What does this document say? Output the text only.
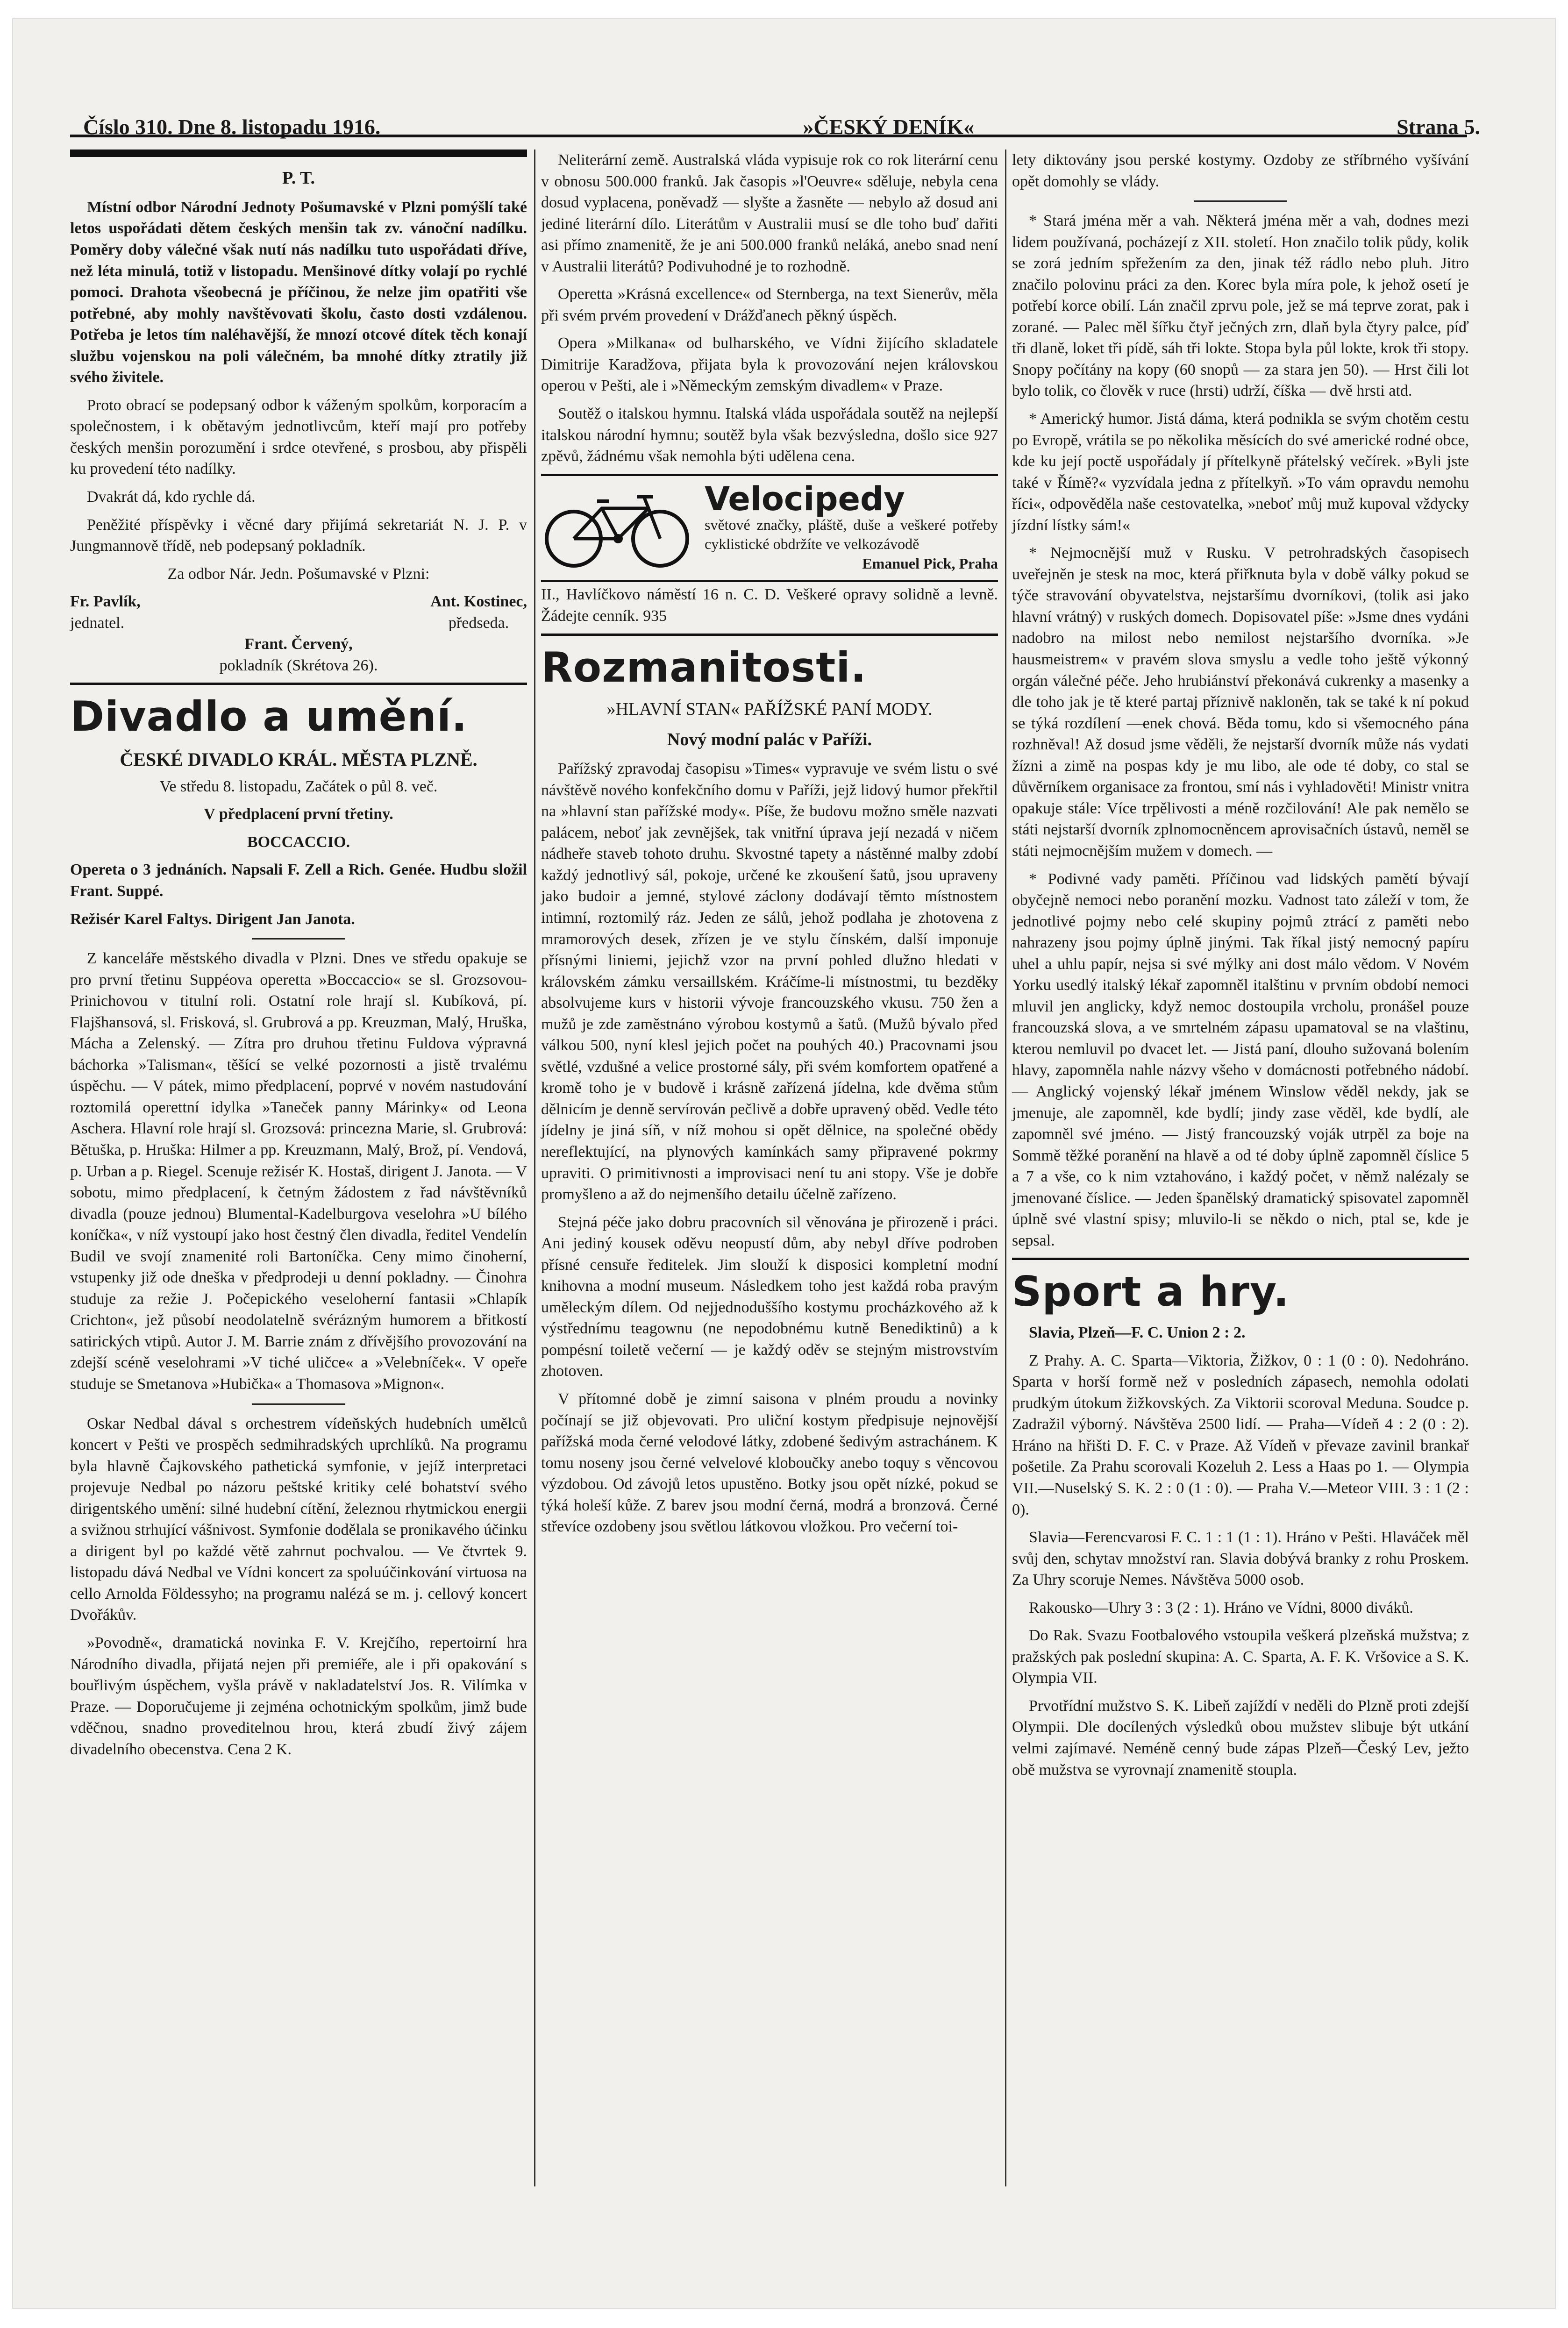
Číslo 310. Dne 8. listopadu 1916.	»ČESKÝ DENÍK«	Strana 5.

P. T.

Místní odbor Národní Jednoty Pošumavské v Plzni pomýšlí také letos uspořádati dětem českých menšin tak zv. vánoční nadílku. Poměry doby válečné však nutí nás nadílku tuto uspořádati dříve, než léta minulá, totiž v listopadu. Menšinové dítky volají po rychlé pomoci. Drahota všeobecná je příčinou, že nelze jim opatřiti vše potřebné, aby mohly navštěvovati školu, často dosti vzdálenou. Potřeba je letos tím naléhavější, že mnozí otcové dítek těch konají službu vojenskou na poli válečném, ba mnohé dítky ztratily již svého živitele.

Proto obrací se podepsaný odbor k váženým spolkům, korporacím a společnostem, i k obětavým jednotlivcům, kteří mají pro potřeby českých menšin porozumění i srdce otevřené, s prosbou, aby přispěli ku provedení této nadílky.

Dvakrát dá, kdo rychle dá.

Peněžité příspěvky i věcné dary přijímá sekretariát N. J. P. v Jungmannově třídě, neb podepsaný pokladník.

Za odbor Nár. Jedn. Pošumavské v Plzni:

Fr. Pavlík,
jednatel.
Ant. Kostinec,
předseda.
Frant. Červený,
pokladník (Skrétova 26).
Divadlo a umění.

ČESKÉ DIVADLO KRÁL. MĚSTA PLZNĚ.

Ve středu 8. listopadu, Začátek o půl 8. več.

V předplacení první třetiny.

BOCCACCIO.

Opereta o 3 jednáních. Napsali F. Zell a Rich. Genée. Hudbu složil Frant. Suppé.

Režisér Karel Faltys. Dirigent Jan Janota.

Z kanceláře městského divadla v Plzni. Dnes ve středu opakuje se pro první třetinu Suppéova operetta »Boccaccio« se sl. Grozsovou-Prinichovou v titulní roli. Ostatní role hrají sl. Kubíková, pí. Flajšhansová, sl. Frisková, sl. Grubrová a pp. Kreuzman, Malý, Hruška, Mácha a Zelenský. — Zítra pro druhou třetinu Fuldova výpravná báchorka »Talisman«, těšící se velké pozornosti a jistě trvalému úspěchu. — V pátek, mimo předplacení, poprvé v novém nastudování roztomilá operettní idylka »Taneček panny Márinky« od Leona Aschera. Hlavní role hrají sl. Grozsová: princezna Marie, sl. Grubrová: Bětuška, p. Hruška: Hilmer a pp. Kreuzmann, Malý, Brož, pí. Vendová, p. Urban a p. Riegel. Scenuje režisér K. Hostaš, dirigent J. Janota. — V sobotu, mimo předplacení, k četným žádostem z řad návštěvníků divadla (pouze jednou) Blumental-Kadelburgova veselohra »U bílého koníčka«, v níž vystoupí jako host čestný člen divadla, ředitel Vendelín Budil ve svojí znamenité roli Bartoníčka. Ceny mimo činoherní, vstupenky již ode dneška v předprodeji u denní pokladny. — Činohra studuje za režie J. Počepického veseloherní fantasii »Chlapík Crichton«, jež působí neodolatelně svérázným humorem a břitkostí satirických vtipů. Autor J. M. Barrie znám z dřívějšího provozování na zdejší scéně veselohrami »V tiché uličce« a »Velebníček«. V opeře studuje se Smetanova »Hubička« a Thomasova »Mignon«.

Oskar Nedbal dával s orchestrem vídeňských hudebních umělců koncert v Pešti ve prospěch sedmihradských uprchlíků. Na programu byla hlavně Čajkovského pathetická symfonie, v jejíž interpretaci projevuje Nedbal po názoru peštské kritiky celé bohatství svého dirigentského umění: silné hudební cítění, železnou rhytmickou energii a svižnou strhující vášnivost. Symfonie dodělala se pronikavého účinku a dirigent byl po každé větě zahrnut pochvalou. — Ve čtvrtek 9. listopadu dává Nedbal ve Vídni koncert za spoluúčinkování virtuosa na cello Arnolda Földessyho; na programu nalézá se m. j. cellový koncert Dvořákův.

»Povodně«, dramatická novinka F. V. Krejčího, repertoirní hra Národního divadla, přijatá nejen při premiéře, ale i při opakování s bouřlivým úspěchem, vyšla právě v nakladatelství Jos. R. Vilímka v Praze. — Doporučujeme ji zejména ochotnickým spolkům, jimž bude vděčnou, snadno proveditelnou hrou, která zbudí živý zájem divadelního obecenstva. Cena 2 K.

Neliterární země. Australská vláda vypisuje rok co rok literární cenu v obnosu 500.000 franků. Jak časopis »l'Oeuvre« sděluje, nebyla cena dosud vyplacena, poněvadž — slyšte a žasněte — nebylo až dosud ani jediné literární dílo. Literátům v Australii musí se dle toho buď dařiti asi přímo znamenitě, že je ani 500.000 franků neláká, anebo snad není v Australii literátů? Podivuhodné je to rozhodně.

Operetta »Krásná excellence« od Sternberga, na text Sienerův, měla při svém prvém provedení v Drážďanech pěkný úspěch.

Opera »Milkana« od bulharského, ve Vídni žijícího skladatele Dimitrije Karadžova, přijata byla k provozování nejen královskou operou v Pešti, ale i »Německým zemským divadlem« v Praze.

Soutěž o italskou hymnu. Italská vláda uspořádala soutěž na nejlepší italskou národní hymnu; soutěž byla však bezvýsledna, došlo sice 927 zpěvů, žádnému však nemohla býti udělena cena.

Velocipedy
světové značky, pláště, duše a veškeré potřeby cyklistické obdržíte ve velkozávodě
Emanuel Pick, Praha

II., Havlíčkovo náměstí 16 n. C. D. Veškeré opravy solidně a levně. Žádejte cenník. 935

Rozmanitosti.

»HLAVNÍ STAN« PAŘÍŽSKÉ PANÍ MODY.

Nový modní palác v Paříži.

Pařížský zpravodaj časopisu »Times« vypravuje ve svém listu o své návštěvě nového konfekčního domu v Paříži, jejž lidový humor překřtil na »hlavní stan pařížské mody«. Píše, že budovu možno směle nazvati palácem, neboť jak zevnějšek, tak vnitřní úprava její nezadá v ničem nádheře staveb tohoto druhu. Skvostné tapety a nástěnné malby zdobí každý jednotlivý sál, pokoje, určené ke zkoušení šatů, jsou upraveny jako budoir a jemné, stylové záclony dodávají těmto místnostem intimní, roztomilý ráz. Jeden ze sálů, jehož podlaha je zhotovena z mramorových desek, zřízen je ve stylu čínském, další imponuje přísnými liniemi, jejichž vzor na první pohled dlužno hledati v královském zámku versaillském. Kráčíme-li místnostmi, tu bezděky absolvujeme kurs v historii vývoje francouzského vkusu. 750 žen a mužů je zde zaměstnáno výrobou kostymů a šatů. (Mužů bývalo před válkou 500, nyní klesl jejich počet na pouhých 40.) Pracovnami jsou světlé, vzdušné a velice prostorné sály, při svém komfortem opatřené a kromě toho je v budově i krásně zařízená jídelna, kde dvěma stům dělnicím je denně servírován pečlivě a dobře upravený oběd. Vedle této jídelny je jiná síň, v níž mohou si opět dělnice, na společné obědy nereflektující, na plynových kamínkách samy připravené pokrmy upraviti. O primitivnosti a improvisaci není tu ani stopy. Vše je dobře promyšleno a až do nejmenšího detailu účelně zařízeno.

Stejná péče jako dobru pracovních sil věnována je přirozeně i práci. Ani jediný kousek oděvu neopustí dům, aby nebyl dříve podroben přísné censuře ředitelek. Jim slouží k disposici kompletní modní knihovna a modní museum. Následkem toho jest každá roba pravým uměleckým dílem. Od nejjednoduššího kostymu procházkového až k výstřednímu teagownu (ne nepodobnému kutně Benediktinů) a k pompésní toiletě večerní — je každý oděv se stejným mistrovstvím zhotoven.

V přítomné době je zimní saisona v plném proudu a novinky počínají se již objevovati. Pro uliční kostym předpisuje nejnovější pařížská moda černé velodové látky, zdobené šedivým astrachánem. K tomu noseny jsou černé velvelové kloboučky anebo toquy s věncovou výzdobou. Od závojů letos upustěno. Botky jsou opět nízké, pokud se týká holeší kůže. Z barev jsou modní černá, modrá a bronzová. Černé střevíce ozdobeny jsou světlou látkovou vložkou. Pro večerní toi-

lety diktovány jsou perské kostymy. Ozdoby ze stříbrného vyšívání opět domohly se vlády.

* Stará jména měr a vah. Některá jména měr a vah, dodnes mezi lidem používaná, pocházejí z XII. století. Hon značilo tolik půdy, kolik se zorá jedním spřežením za den, jinak též rádlo nebo pluh. Jitro značilo polovinu práci za den. Korec byla míra pole, k jehož osetí je potřebí korce obilí. Lán značil zprvu pole, jež se má teprve zorat, pak i zorané. — Palec měl šířku čtyř ječných zrn, dlaň byla čtyry palce, píď tři dlaně, loket tři pídě, sáh tři lokte. Stopa byla půl lokte, krok tři stopy. Snopy počítány na kopy (60 snopů — za stara jen 50). — Hrst čili lot bylo tolik, co člověk v ruce (hrsti) udrží, číška — dvě hrsti atd.

* Americký humor. Jistá dáma, která podnikla se svým chotěm cestu po Evropě, vrátila se po několika měsících do své americké rodné obce, kde ku její poctě uspořádaly jí přítelkyně přátelský večírek. »Byli jste také v Římě?« vyzvídala jedna z přítelkyň. »To vám opravdu nemohu říci«, odpověděla naše cestovatelka, »neboť můj muž kupoval vždycky jízdní lístky sám!«

* Nejmocnější muž v Rusku. V petrohradských časopisech uveřejněn je stesk na moc, která přiřknuta byla v době války pokud se týče stravování obyvatelstva, nejstaršímu dvorníkovi, (tolik asi jako hlavní vrátný) v ruských domech. Dopisovatel píše: »Jsme dnes vydáni nadobro na milost nebo nemilost nejstaršího dvorníka. »Je hausmeistrem« v pravém slova smyslu a vedle toho ještě výkonný orgán válečné péče. Jeho hrubiánství překonává cukrenky a masenky a dle toho jak je tě které partaj příznivě nakloněn, tak se také k ní pokud se týká rozdílení —enek chová. Běda tomu, kdo si všemocného pána rozhněval! Až dosud jsme věděli, že nejstarší dvorník může nás vydati žízni a zimě na pospas kdy je mu libo, ale ode té doby, co stal se důvěrníkem organisace za frontou, smí nás i vyhladověti! Ministr vnitra opakuje stále: Více trpělivosti a méně rozčilování! Ale pak nemělo se státi nejstarší dvorník zplnomocněncem aprovisačních ústavů, neměl se státi nejmocnějším mužem v domech. —

* Podivné vady paměti. Příčinou vad lidských pamětí bývají obyčejně nemoci nebo poranění mozku. Vadnost tato záleží v tom, že jednotlivé pojmy nebo celé skupiny pojmů ztrácí z paměti nebo nahrazeny jsou pojmy úplně jinými. Tak říkal jistý nemocný papíru uhel a uhlu papír, nejsa si své mýlky ani dost málo vědom. V Novém Yorku usedlý italský lékař zapomněl italštinu v prvním období nemoci mluvil jen anglicky, když nemoc dostoupila vrcholu, pronášel pouze francouzská slova, a ve smrtelném zápasu upamatoval se na vlaštinu, kterou nemluvil po dvacet let. — Jistá paní, dlouho sužovaná bolením hlavy, zapomněla nahle názvy všeho v domácnosti potřebného nádobí. — Anglický vojenský lékař jménem Winslow věděl nekdy, jak se jmenuje, ale zapomněl, kde bydlí; jindy zase věděl, kde bydlí, ale zapomněl své jméno. — Jistý francouzský voják utrpěl za boje na Sommě těžké poranění na hlavě a od té doby úplně zapomněl číslice 5 a 7 a vše, co k nim vztahováno, i každý počet, v němž nalézaly se jmenované číslice. — Jeden španělský dramatický spisovatel zapomněl úplně své vlastní spisy; mluvilo-li se někdo o nich, ptal se, kde je sepsal.

Sport a hry.

Slavia, Plzeň—F. C. Union 2 : 2.

Z Prahy. A. C. Sparta—Viktoria, Žižkov, 0 : 1 (0 : 0). Nedohráno. Sparta v horší formě než v posledních zápasech, nemohla odolati prudkým útokum žižkovských. Za Viktorii scoroval Meduna. Soudce p. Zadražil výborný. Návštěva 2500 lidí. — Praha—Vídeň 4 : 2 (0 : 2). Hráno na hřišti D. F. C. v Praze. Až Vídeň v převaze zavinil brankař pošetile. Za Prahu scorovali Kozeluh 2. Less a Haas po 1. — Olympia VII.—Nuselský S. K. 2 : 0 (1 : 0). — Praha V.—Meteor VIII. 3 : 1 (2 : 0).

Slavia—Ferencvarosi F. C. 1 : 1 (1 : 1). Hráno v Pešti. Hlaváček měl svůj den, schytav množství ran. Slavia dobývá branky z rohu Proskem. Za Uhry scoruje Nemes. Návštěva 5000 osob.

Rakousko—Uhry 3 : 3 (2 : 1). Hráno ve Vídni, 8000 diváků.

Do Rak. Svazu Footbalového vstoupila veškerá plzeňská mužstva; z pražských pak poslední skupina: A. C. Sparta, A. F. K. Vršovice a S. K. Olympia VII.

Prvotřídní mužstvo S. K. Libeň zajíždí v neděli do Plzně proti zdejší Olympii. Dle docílených výsledků obou mužstev slibuje být utkání velmi zajímavé. Neméně cenný bude zápas Plzeň—Český Lev, ježto obě mužstva se vyrovnají znamenitě stoupla.
